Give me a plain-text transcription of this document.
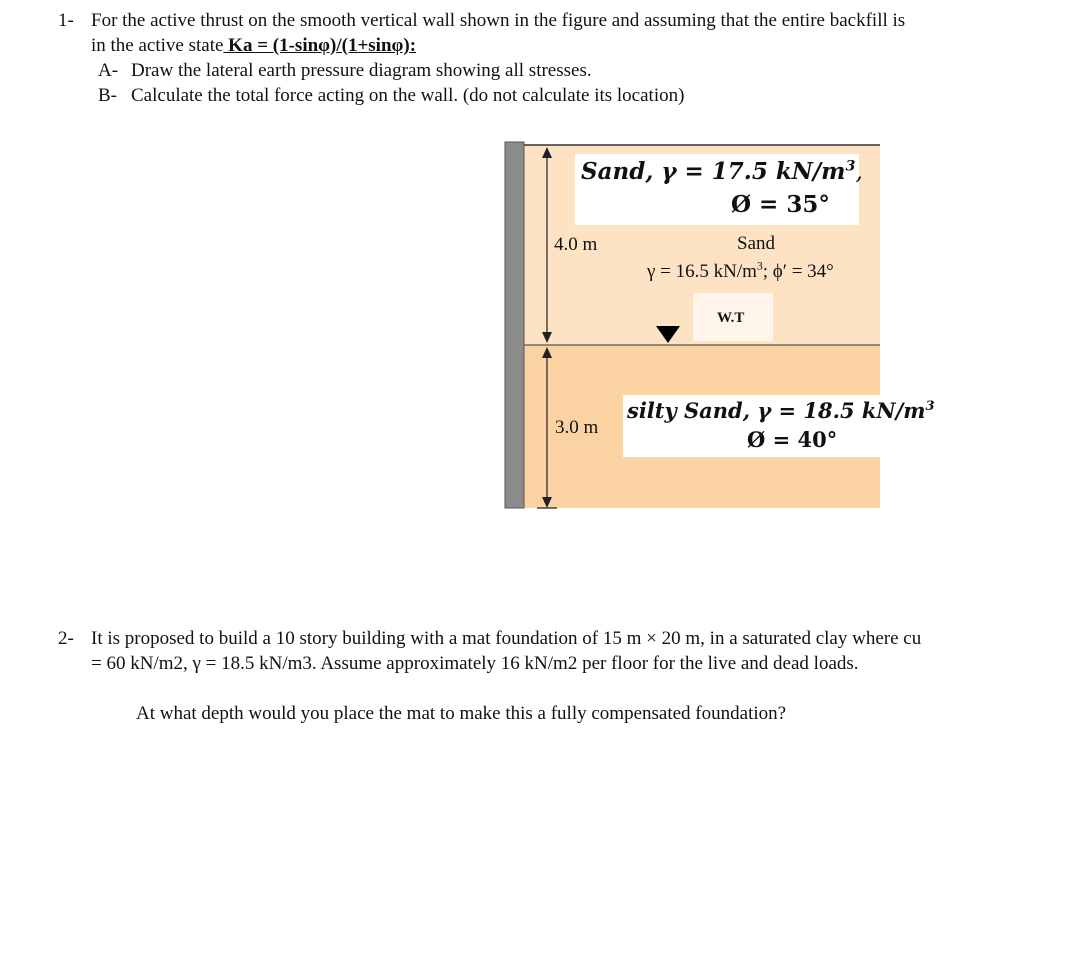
1- For the active thrust on the smooth vertical wall shown in the figure and assuming that the entire backfill is
in the active state Ka = (1-sinφ)/(1+sinφ):
A- Draw the lateral earth pressure diagram showing all stresses.
B- Calculate the total force acting on the wall. (do not calculate its location)
Sand, γ = 17.5 $kN/m^3$,
Ø = 35°
4.0 m
3.0 m
Sand
γ = 16.5 $kN/m^3$; ϕ′ = 34°
W.T
silty Sand, γ = 18.5 $kN/m^3$
Ø = 40°
2- It is proposed to build a 10 story building with a mat foundation of 15 m × 20 m, in a saturated clay where cu
= 60 kN/m2, γ = 18.5 kN/m3. Assume approximately 16 kN/m2 per floor for the live and dead loads.
At what depth would you place the mat to make this a fully compensated foundation?
